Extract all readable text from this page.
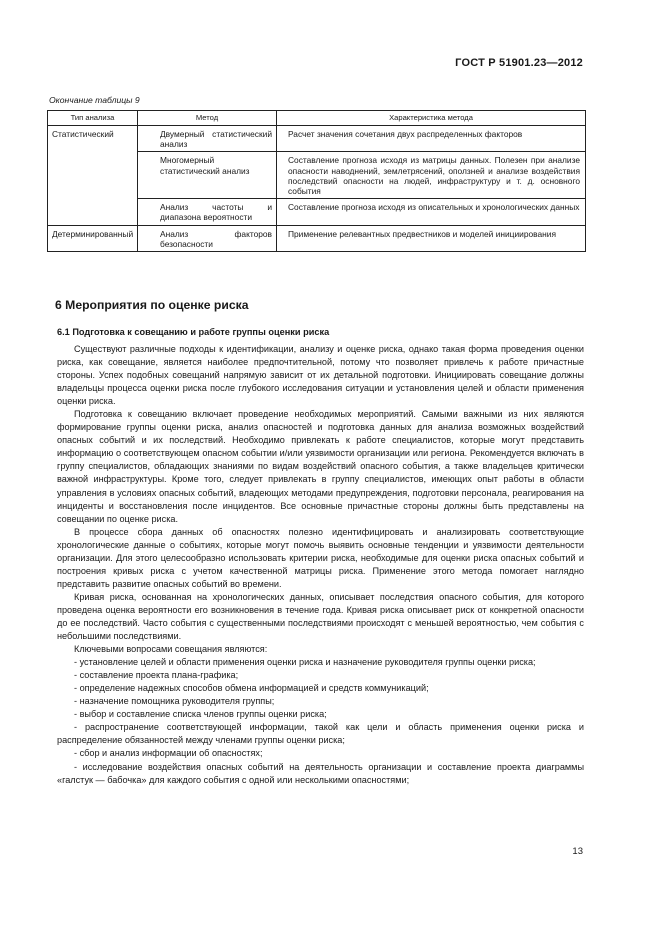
ГОСТ Р 51901.23—2012
Окончание таблицы 9
Тип анализа	Метод	Характеристика метода
Статистический	Двумерный статистический анализ	Расчет значения сочетания двух распределенных факторов
	Многомерный статистический анализ	Составление прогноза исходя из матрицы данных. Полезен при анализе опасности наводнений, землетрясений, оползней и анализе воздействия последствий опасности на людей, инфраструктуру и т. д. основного события
	Анализ частоты и диапазона вероятности	Составление прогноза исходя из описательных и хронологических данных
Детерминированный	Анализ факторов безопасности	Применение релевантных предвестников и моделей инициирования
6 Мероприятия по оценке риска
6.1 Подготовка к совещанию и работе группы оценки риска

Существуют различные подходы к идентификации, анализу и оценке риска, однако такая форма проведения оценки риска, как совещание, является наиболее предпочтительной, потому что позволяет привлечь к работе причастные стороны. Успех подобных совещаний напрямую зависит от их детальной подготовки. Инициировать совещание должны владельцы процесса оценки риска после глубокого исследования ситуации и установления целей и области применения оценки риска.

Подготовка к совещанию включает проведение необходимых мероприятий. Самыми важными из них являются формирование группы оценки риска, анализ опасностей и подготовка данных для анализа возможных воздействий опасных событий и их последствий. Необходимо привлекать к работе специалистов, которые могут представить информацию о соответствующем опасном событии и/или уязвимости организации или региона. Рекомендуется включать в группу специалистов, обладающих знаниями по видам воздействий опасного события, а также владельцев критически важной инфраструктуры. Кроме того, следует привлекать в группу специалистов, имеющих опыт работы в области управления в условиях опасных событий, владеющих методами предупреждения, подготовки персонала, реагирования на инциденты и восстановления после инцидентов. Все основные причастные стороны должны быть представлены на совещании по оценке риска.

В процессе сбора данных об опасностях полезно идентифицировать и анализировать соответствующие хронологические данные о событиях, которые могут помочь выявить основные тенденции и уязвимости деятельности организации. Для этого целесообразно использовать критерии риска, необходимые для оценки риска опасных событий и построения кривых риска с учетом качественной матрицы риска. Применение этого метода помогает наглядно представить развитие опасных событий во времени.

Кривая риска, основанная на хронологических данных, описывает последствия опасного события, для которого проведена оценка вероятности его возникновения в течение года. Кривая риска описывает риск от конкретной опасности до ее последствий. Часто события с существенными последствиями происходят с меньшей вероятностью, чем события с небольшими последствиями.

Ключевыми вопросами совещания являются:

- установление целей и области применения оценки риска и назначение руководителя группы оценки риска;

- составление проекта плана-графика;

- определение надежных способов обмена информацией и средств коммуникаций;

- назначение помощника руководителя группы;

- выбор и составление списка членов группы оценки риска;

- распространение соответствующей информации, такой как цели и область применения оценки риска и распределение обязанностей между членами группы оценки риска;

- сбор и анализ информации об опасностях;

- исследование воздействия опасных событий на деятельность организации и составление проекта диаграммы «галстук — бабочка» для каждого события с одной или несколькими опасностями;

13
